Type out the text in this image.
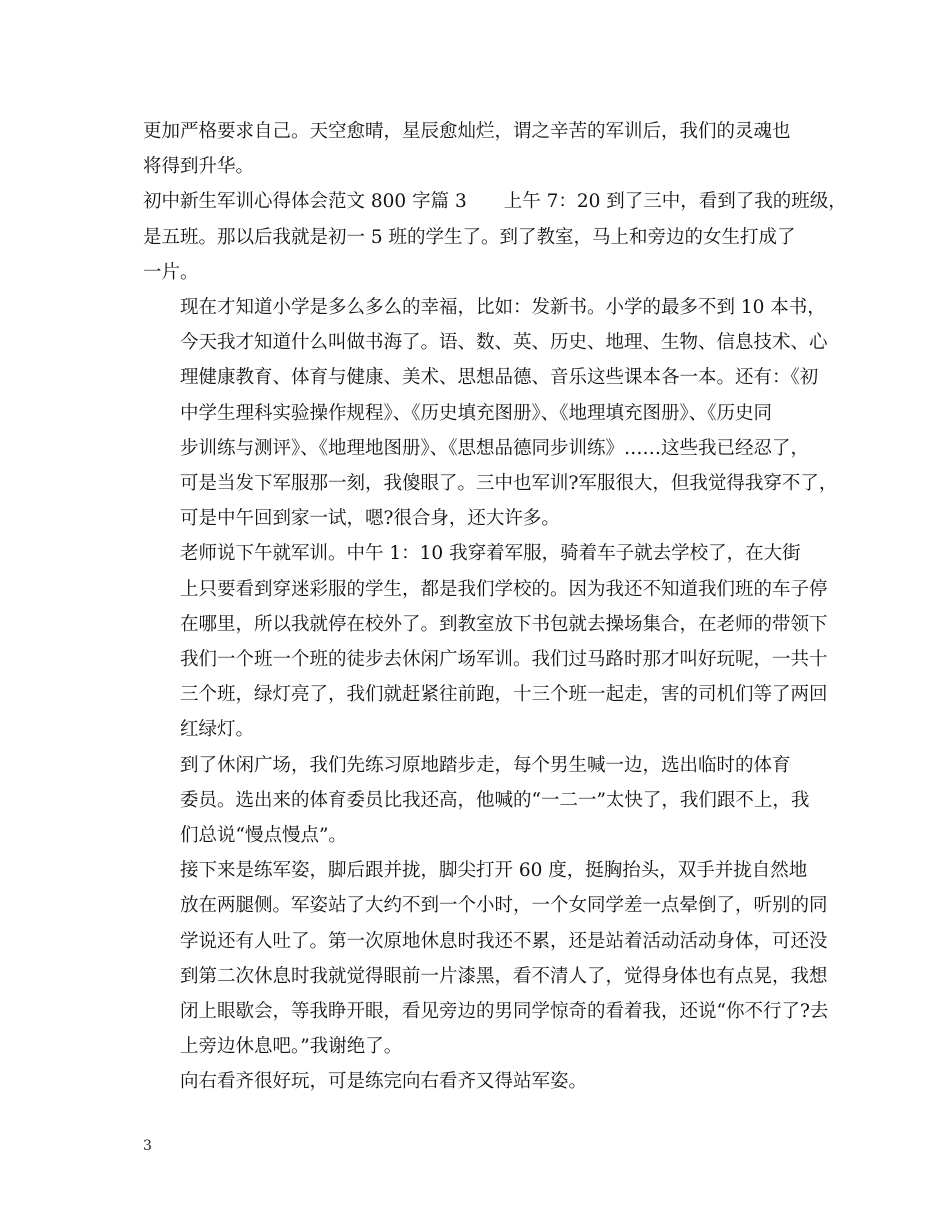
更加严格要求自己。天空愈晴，星辰愈灿烂，谓之辛苦的军训后，我们的灵魂也
将得到升华。

初中新生军训心得体会范文 800 字篇 3　　上午 7：20 到了三中，看到了我的班级，
是五班。那以后我就是初一 5 班的学生了。到了教室，马上和旁边的女生打成了
一片。

现在才知道小学是多么多么的幸福，比如：发新书。小学的最多不到 10 本书，
今天我才知道什么叫做书海了。语、数、英、历史、地理、生物、信息技术、心
理健康教育、体育与健康、美术、思想品德、音乐这些课本各一本。还有：《初
中学生理科实验操作规程》、《历史填充图册》、《地理填充图册》、《历史同
步训练与测评》、《地理地图册》、《思想品德同步训练》……这些我已经忍了，
可是当发下军服那一刻，我傻眼了。三中也军训?军服很大，但我觉得我穿不了，
可是中午回到家一试，嗯?很合身，还大许多。

老师说下午就军训。中午 1：10 我穿着军服，骑着车子就去学校了，在大街
上只要看到穿迷彩服的学生，都是我们学校的。因为我还不知道我们班的车子停
在哪里，所以我就停在校外了。到教室放下书包就去操场集合，在老师的带领下
我们一个班一个班的徒步去休闲广场军训。我们过马路时那才叫好玩呢，一共十
三个班，绿灯亮了，我们就赶紧往前跑，十三个班一起走，害的司机们等了两回
红绿灯。

到了休闲广场，我们先练习原地踏步走，每个男生喊一边，选出临时的体育
委员。选出来的体育委员比我还高，他喊的“一二一”太快了，我们跟不上，我
们总说“慢点慢点”。

接下来是练军姿，脚后跟并拢，脚尖打开 60 度，挺胸抬头，双手并拢自然地
放在两腿侧。军姿站了大约不到一个小时，一个女同学差一点晕倒了，听别的同
学说还有人吐了。第一次原地休息时我还不累，还是站着活动活动身体，可还没
到第二次休息时我就觉得眼前一片漆黑，看不清人了，觉得身体也有点晃，我想
闭上眼歇会，等我睁开眼，看见旁边的男同学惊奇的看着我，还说“你不行了?去
上旁边休息吧。”我谢绝了。

向右看齐很好玩，可是练完向右看齐又得站军姿。

3
